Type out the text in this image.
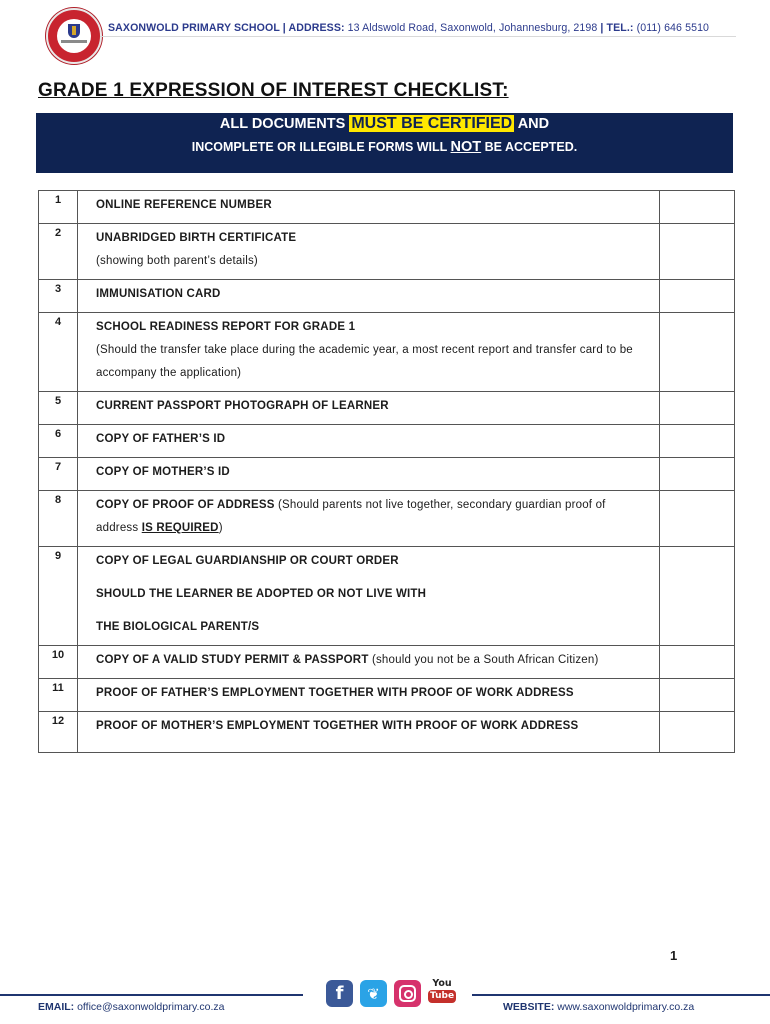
SAXONWOLD PRIMARY SCHOOL | ADDRESS: 13 Aldswold Road, Saxonwold, Johannesburg, 2198 | TEL.: (011) 646 5510
GRADE 1 EXPRESSION OF INTEREST CHECKLIST:
ALL DOCUMENTS MUST BE CERTIFIED AND
INCOMPLETE OR ILLEGIBLE FORMS WILL NOT BE ACCEPTED.
1	ONLINE REFERENCE NUMBER	
2	UNABRIDGED BIRTH CERTIFICATE
(showing both parent’s details)	
3	IMMUNISATION CARD	
4	SCHOOL READINESS REPORT FOR GRADE 1
(Should the transfer take place during the academic year, a most recent report and transfer card to be accompany the application)	
5	CURRENT PASSPORT PHOTOGRAPH OF LEARNER	
6	COPY OF FATHER’S ID	
7	COPY OF MOTHER’S ID	
8	COPY OF PROOF OF ADDRESS (Should parents not live together, secondary guardian proof of address IS REQUIRED)	
9	COPY OF LEGAL GUARDIANSHIP OR COURT ORDER
SHOULD THE LEARNER BE ADOPTED OR NOT LIVE WITH
THE BIOLOGICAL PARENT/S	
10	COPY OF A VALID STUDY PERMIT & PASSPORT (should you not be a South African Citizen)	
11	PROOF OF FATHER’S EMPLOYMENT TOGETHER WITH PROOF OF WORK ADDRESS	
12	PROOF OF MOTHER’S EMPLOYMENT TOGETHER WITH PROOF OF WORK ADDRESS	
1
EMAIL: office@saxonwoldprimary.co.za
f	❦
You
Tube
WEBSITE: www.saxonwoldprimary.co.za
